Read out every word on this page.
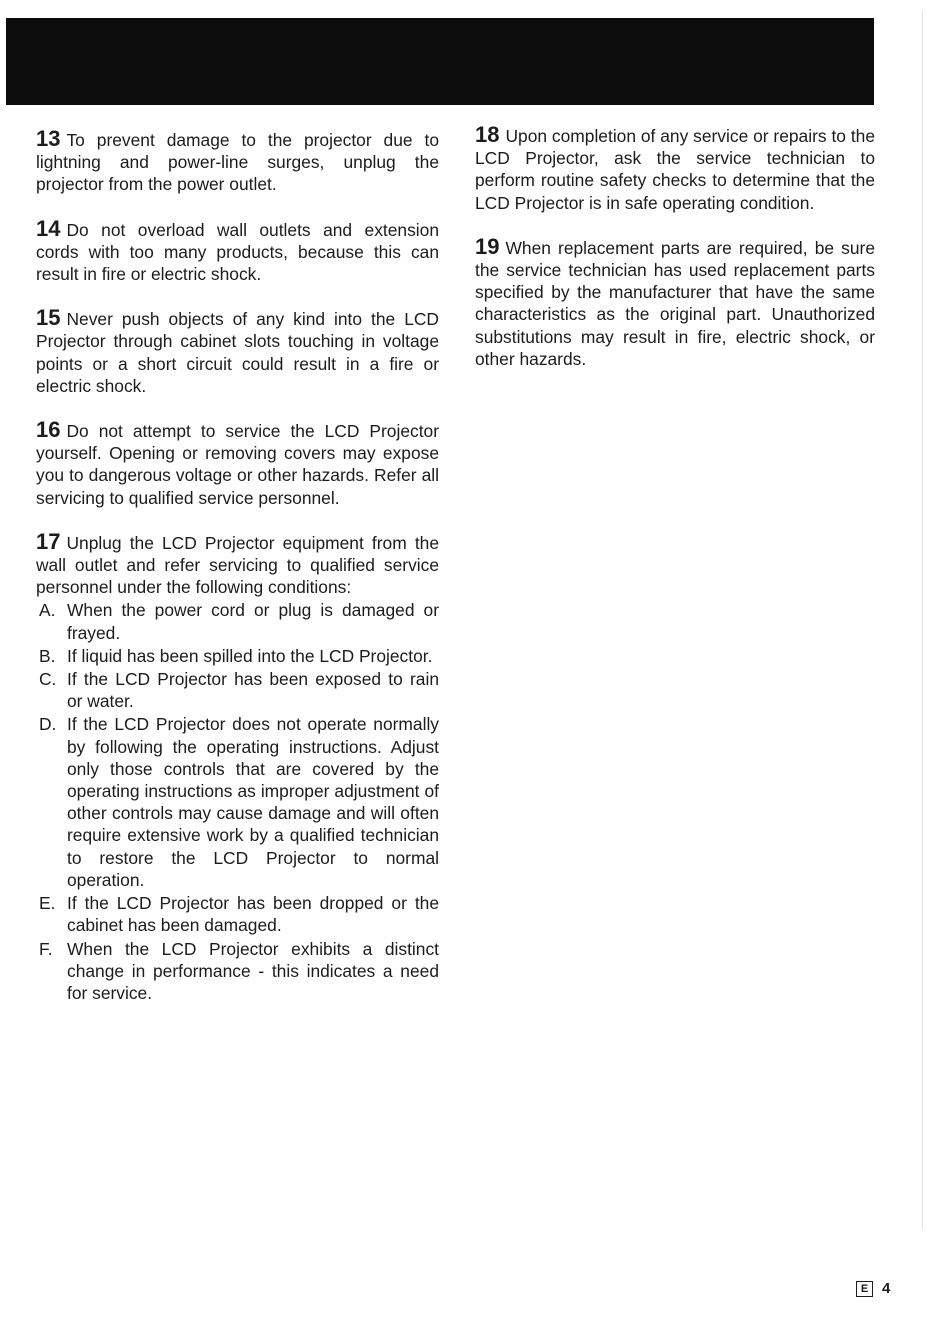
13 To prevent damage to the projector due to lightning and power-line surges, unplug the projector from the power outlet.

14 Do not overload wall outlets and extension cords with too many products, because this can result in fire or electric shock.

15 Never push objects of any kind into the LCD Projector through cabinet slots touching in voltage points or a short circuit could result in a fire or electric shock.

16 Do not attempt to service the LCD Projector yourself. Opening or removing covers may expose you to dangerous voltage or other hazards. Refer all servicing to qualified service personnel.

17 Unplug the LCD Projector equipment from the wall outlet and refer servicing to qualified service personnel under the following conditions:

A. When the power cord or plug is damaged or frayed.
B. If liquid has been spilled into the LCD Projector.
C. If the LCD Projector has been exposed to rain or water.
D. If the LCD Projector does not operate normally by following the operating instructions. Adjust only those controls that are covered by the operating instructions as improper adjustment of other controls may cause damage and will often require extensive work by a qualified technician to restore the LCD Projector to normal operation.
E. If the LCD Projector has been dropped or the cabinet has been damaged.
F. When the LCD Projector exhibits a distinct change in performance - this indicates a need for service.

18 Upon completion of any service or repairs to the LCD Projector, ask the service technician to perform routine safety checks to determine that the LCD Projector is in safe operating condition.

19 When replacement parts are required, be sure the service technician has used replacement parts specified by the manufacturer that have the same characteristics as the original part. Unauthorized substitutions may result in fire, electric shock, or other hazards.

E 4
